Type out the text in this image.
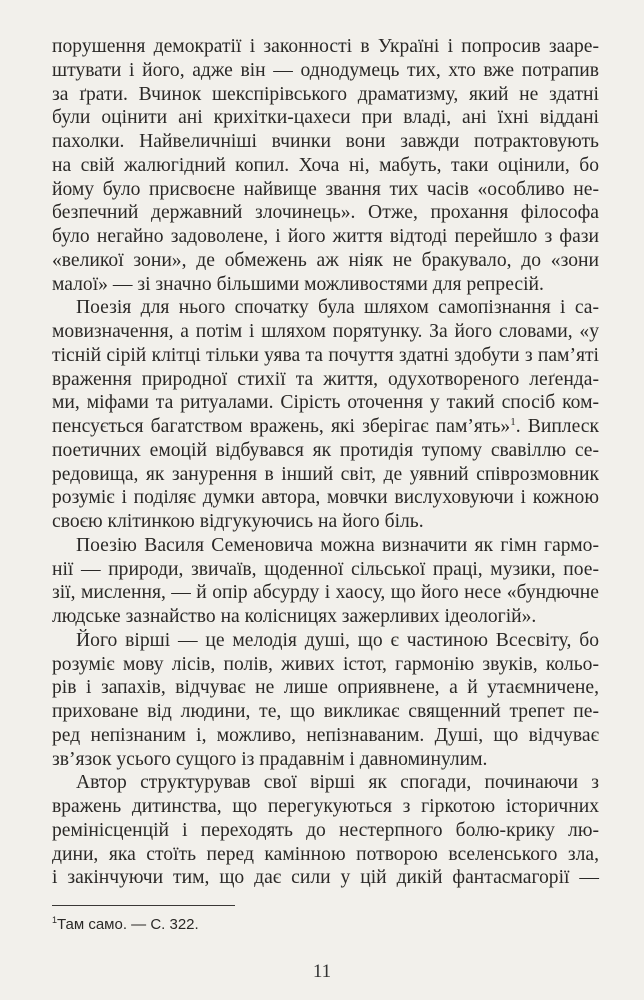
порушення демократії і законності в Україні і попросив зааре-
штувати і його, адже він — однодумець тих, хто вже потрапив
за ґрати. Вчинок шекспірівського драматизму, який не здатні
були оцінити ані крихітки-цахеси при владі, ані їхні віддані
пахолки. Найвеличніші вчинки вони завжди потрактовують
на свій жалюгідний копил. Хоча ні, мабуть, таки оцінили, бо
йому було присвоєне найвище звання тих часів «особливо не-
безпечний державний злочинець». Отже, прохання філософа
було негайно задоволене, і його життя відтоді перейшло з фази
«великої зони», де обмежень аж ніяк не бракувало, до «зони
малої» — зі значно більшими можливостями для репресій.
Поезія для нього спочатку була шляхом самопізнання і са-
мовизначення, а потім і шляхом порятунку. За його словами, «у
тісній сірій клітці тільки уява та почуття здатні здобути з пам’яті
враження природної стихії та життя, одухотвореного леґенда-
ми, міфами та ритуалами. Сірість оточення у такий спосіб ком-
пенсується багатством вражень, які зберігає пам’ять»$^1$. Виплеск
поетичних емоцій відбувався як протидія тупому свавіллю се-
редовища, як занурення в інший світ, де уявний співрозмовник
розуміє і поділяє думки автора, мовчки вислуховуючи і кожною
своєю клітинкою відгукуючись на його біль.
Поезію Василя Семеновича можна визначити як гімн гармо-
нії — природи, звичаїв, щоденної сільської праці, музики, пое-
зії, мислення, — й опір абсурду і хаосу, що його несе «бундючне
людське зазнайство на колісницях зажерливих ідеологій».
Його вірші — це мелодія душі, що є частиною Всесвіту, бо
розуміє мову лісів, полів, живих істот, гармонію звуків, кольо-
рів і запахів, відчуває не лише оприявнене, а й утаємничене,
приховане від людини, те, що викликає священний трепет пе-
ред непізнаним і, можливо, непізнаваним. Душі, що відчуває
зв’язок усього сущого із прадавнім і давноминулим.
Автор структурував свої вірші як спогади, починаючи з
вражень дитинства, що перегукуються з гіркотою історичних
ремінісценцій і переходять до нестерпного болю-крику лю-
дини, яка стоїть перед камінною потворою вселенського зла,
і закінчуючи тим, що дає сили у цій дикій фантасмагорії —
$^1$Там само. — С. 322.
11
